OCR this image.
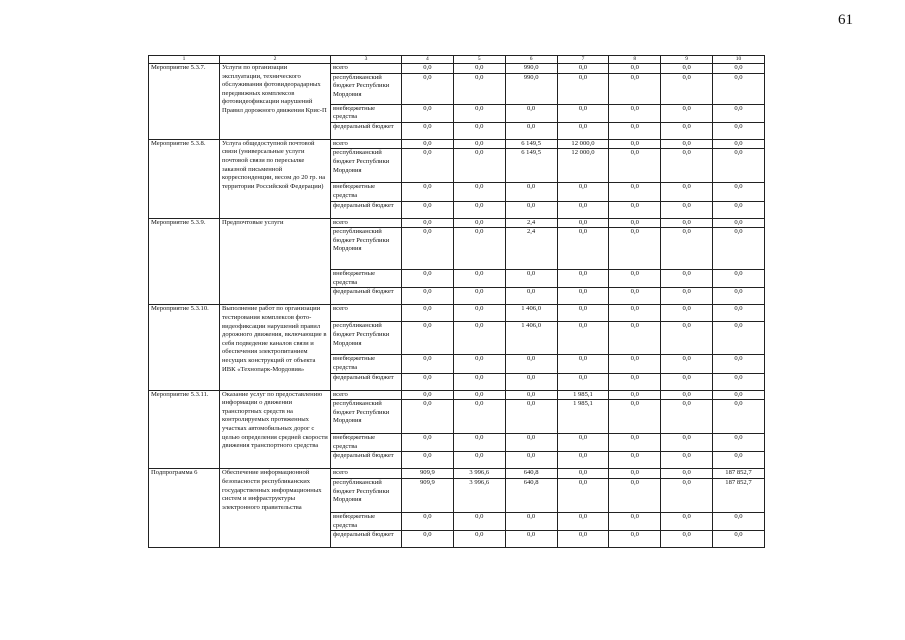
61
1	2	3	4	5	6	7	8	9	10
Мероприятие 5.3.7.	Услуги по организации эксплуатации, технического обслуживания фотовидеорадарных передвижных комплексов фотовидеофиксации нарушений Правил дорожного движения Крис-П	всего	0,0	0,0	990,0	0,0	0,0	0,0	0,0
		республиканский бюджет Республики Мордовия	0,0	0,0	990,0	0,0	0,0	0,0	0,0
		внебюджетные средства	0,0	0,0	0,0	0,0	0,0	0,0	0,0
		федеральный бюджет	0,0	0,0	0,0	0,0	0,0	0,0	0,0
Мероприятие 5.3.8.	Услуга общедоступной почтовой связи (универсальные услуги почтовой связи по пересылке заказной письменной корреспонденции, весом до 20 гр. на территории Российской Федерации)	всего	0,0	0,0	6 149,5	12 000,0	0,0	0,0	0,0
		республиканский бюджет Республики Мордовия	0,0	0,0	6 149,5	12 000,0	0,0	0,0	0,0
		внебюджетные средства	0,0	0,0	0,0	0,0	0,0	0,0	0,0
		федеральный бюджет	0,0	0,0	0,0	0,0	0,0	0,0	0,0
Мероприятие 5.3.9.	Предпочтовые услуги	всего	0,0	0,0	2,4	0,0	0,0	0,0	0,0
		республиканский бюджет Республики Мордовия	0,0	0,0	2,4	0,0	0,0	0,0	0,0
		внебюджетные средства	0,0	0,0	0,0	0,0	0,0	0,0	0,0
		федеральный бюджет	0,0	0,0	0,0	0,0	0,0	0,0	0,0
Мероприятие 5.3.10.	Выполнение работ по организации тестирования комплексов фото-видеофиксации нарушений правил дорожного движения, включающие в себя подведение каналов связи и обеспечения электропитанием несущих конструкций от объекта ИВК «Технопарк-Мордовия»	всего	0,0	0,0	1 406,0	0,0	0,0	0,0	0,0
		республиканский бюджет Республики Мордовия	0,0	0,0	1 406,0	0,0	0,0	0,0	0,0
		внебюджетные средства	0,0	0,0	0,0	0,0	0,0	0,0	0,0
		федеральный бюджет	0,0	0,0	0,0	0,0	0,0	0,0	0,0
Мероприятие 5.3.11.	Оказание услуг по предоставлению информации о движении транспортных средств на контролируемых протяженных участках автомобильных дорог с целью определения средней скорости движения транспортного средства	всего	0,0	0,0	0,0	1 985,1	0,0	0,0	0,0
		республиканский бюджет Республики Мордовия	0,0	0,0	0,0	1 985,1	0,0	0,0	0,0
		внебюджетные средства	0,0	0,0	0,0	0,0	0,0	0,0	0,0
		федеральный бюджет	0,0	0,0	0,0	0,0	0,0	0,0	0,0
Подпрограмма 6	Обеспечение информационной безопасности республиканских государственных информационных систем и инфраструктуры электронного правительства	всего	909,9	3 996,6	640,8	0,0	0,0	0,0	187 852,7
		республиканский бюджет Республики Мордовия	909,9	3 996,6	640,8	0,0	0,0	0,0	187 852,7
		внебюджетные средства	0,0	0,0	0,0	0,0	0,0	0,0	0,0
		федеральный бюджет	0,0	0,0	0,0	0,0	0,0	0,0	0,0
